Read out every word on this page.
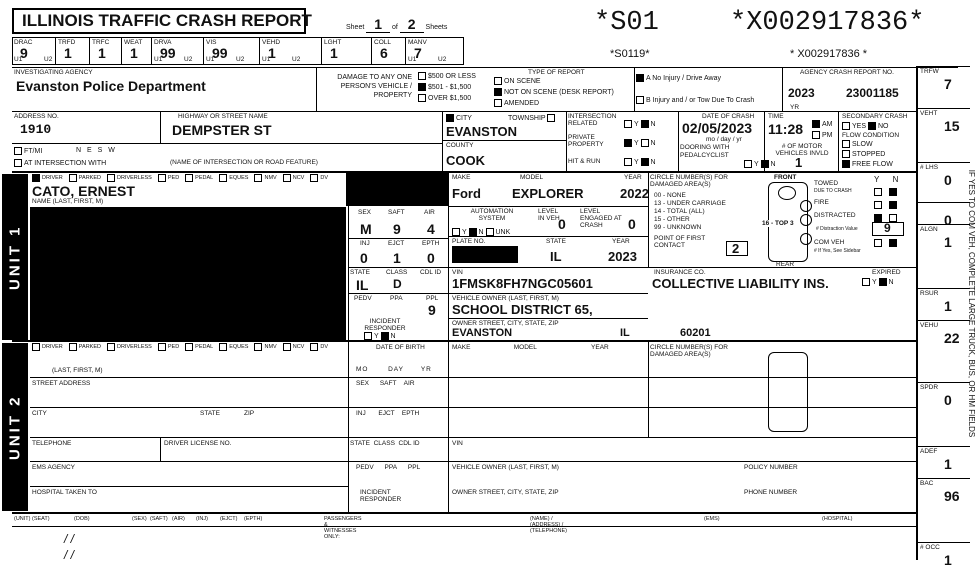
ILLINOIS TRAFFIC CRASH REPORT	Sheet 1 of 2 Sheets	*S01
*S0119*
*X002917836*
* X002917836 *
DRAC
9
U1	U2
TRFD
1
TRFC
1
WEAT
1
DRVA
99
U1	U2
VIS
99
U1	U2
VEHD
1
U1	U2
LGHT
1
COLL
6
MANV
7
U1	U2
INVESTIGATING AGENCY
Evanston Police Department
DAMAGE TO ANY ONE PERSON'S VEHICLE / PROPERTY
$500 OR LESS
$501 - $1,500
OVER $1,500
TYPE OF REPORT
ON SCENE
NOT ON SCENE (DESK REPORT)
AMENDED
A No Injury / Drive Away
B Injury and / or Tow Due To Crash
AGENCY CRASH REPORT NO.
2023	23001185
YR
ADDRESS NO.
1910
HIGHWAY OR STREET NAME
DEMPSTER ST
FT/MI	N E S W
AT INTERSECTION WITH	(NAME OF INTERSECTION OR ROAD FEATURE)
CITY	TOWNSHIP
EVANSTON
COUNTY
COOK
INTERSECTION RELATED	Y N
PRIVATE PROPERTY	Y N
HIT & RUN	Y N
DATE OF CRASH
02/05/2023
mo / day / yr
DOORING WITH PEDALCYCLIST
Y N
TIME
11:28	AM
PM
# OF MOTOR VEHICLES INVLD
1
SECONDARY CRASH
YES NO
FLOW CONDITION
SLOW
STOPPED
FREE FLOW
UNIT 1
DRIVER	PARKED	DRIVERLESS	PED	PEDAL	EQUES	NMV	NCV	DV
CATO, ERNEST
NAME (LAST, FIRST, M)
SEX
M
SAFT
9
AIR
4
INJ
0
EJCT
1
EPTH
0
STATE
IL
CLASS
D
CDL ID
PEDV	PPA	PPL
9
INCIDENT RESPONDER
Y N
MAKE	MODEL	YEAR
Ford EXPLORER	2022
AUTOMATION SYSTEM
Y N UNK
LEVEL IN VEH
0
LEVEL ENGAGED AT CRASH	0
PLATE NO.	STATE
IL
YEAR
2023
VIN
1FMSK8FH7NGC05601
VEHICLE OWNER (LAST, FIRST, M)
SCHOOL DISTRICT 65,
OWNER STREET, CITY, STATE, ZIP
EVANSTON	IL	60201
CIRCLE NUMBER(S) FOR DAMAGED AREA(S)
00 - NONE
13 - UNDER CARRIAGE
14 - TOTAL (ALL)
15 - OTHER
99 - UNKNOWN
POINT OF FIRST CONTACT	2
FRONT
16 - TOP 3
REAR
TOWED
DUE TO CRASH
FIRE
DISTRACTED
# Distraction Value 9
COM VEH
# If Yes, See Sidebar
Y      N

INSURANCE CO.
COLLECTIVE LIABILITY INS.
EXPIRED
Y N
UNIT 2
DRIVER	PARKED	DRIVERLESS	PED	PEDAL	EQUES	NMV	NCV	DV
(LAST, FIRST, M)
STREET ADDRESS
CITY	STATE	ZIP
TELEPHONE	DRIVER LICENSE NO.
EMS AGENCY
HOSPITAL TAKEN TO
DATE OF BIRTH
MO       DAY      YR
SEX      SAFT    AIR
INJ       EJCT    EPTH
STATE  CLASS  CDL ID
PEDV      PPA      PPL
INCIDENT
RESPONDER
MAKE                        MODEL                              YEAR
VIN
VEHICLE OWNER (LAST, FIRST, M)
OWNER STREET, CITY, STATE, ZIP
CIRCLE NUMBER(S) FOR DAMAGED AREA(S)
POLICY NUMBER
PHONE NUMBER
(UNIT) (SEAT)	(DOB)	(SEX) (SAFT) (AIR) (INJ) (EJCT) (EPTH)	PASSENGERS & WITNESSES ONLY:
(NAME) / (ADDRESS) / (TELEPHONE)
(EMS)	(HOSPITAL)
/ /
/ /
TRFW
7
VEHT
15
# LHS
0
0
ALGN
1
RSUR
1
VEHU
22
SPDR
0
ADEF
1
BAC
96
# OCC
1
IF YES TO COM VEH, COMPLETE LARGE TRUCK, BUS, OR HM FIELDS
